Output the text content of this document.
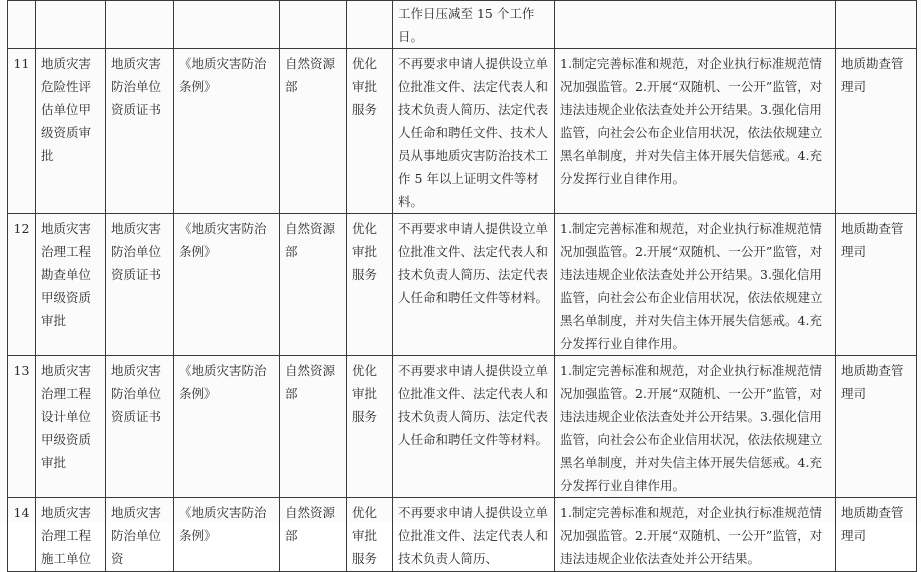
						工作日压减至 15 个工作日。		

11	地质灾害危险性评估单位甲级资质审批	地质灾害防治单位资质证书	《地质灾害防治条例》	自然资源部	优化审批服务	不再要求申请人提供设立单位批准文件、法定代表人和技术负责人简历、法定代表人任命和聘任文件、技术人员从事地质灾害防治技术工作 5 年以上证明文件等材料。	1.制定完善标准和规范，对企业执行标准规范情况加强监管。2.开展“双随机、一公开”监管，对违法违规企业依法查处并公开结果。3.强化信用监管，向社会公布企业信用状况，依法依规建立黑名单制度，并对失信主体开展失信惩戒。4.充分发挥行业自律作用。	地质勘查管理司

12	地质灾害治理工程勘查单位甲级资质审批	地质灾害防治单位资质证书	《地质灾害防治条例》	自然资源部	优化审批服务	不再要求申请人提供设立单位批准文件、法定代表人和技术负责人简历、法定代表人任命和聘任文件等材料。	1.制定完善标准和规范，对企业执行标准规范情况加强监管。2.开展“双随机、一公开”监管，对违法违规企业依法查处并公开结果。3.强化信用监管，向社会公布企业信用状况，依法依规建立黑名单制度，并对失信主体开展失信惩戒。4.充分发挥行业自律作用。	地质勘查管理司

13	地质灾害治理工程设计单位甲级资质审批	地质灾害防治单位资质证书	《地质灾害防治条例》	自然资源部	优化审批服务	不再要求申请人提供设立单位批准文件、法定代表人和技术负责人简历、法定代表人任命和聘任文件等材料。	1.制定完善标准和规范，对企业执行标准规范情况加强监管。2.开展“双随机、一公开”监管，对违法违规企业依法查处并公开结果。3.强化信用监管，向社会公布企业信用状况，依法依规建立黑名单制度，并对失信主体开展失信惩戒。4.充分发挥行业自律作用。	地质勘查管理司

14	地质灾害治理工程施工单位	地质灾害防治单位资	《地质灾害防治条例》	自然资源部	优化审批服务	不再要求申请人提供设立单位批准文件、法定代表人和技术负责人简历、	1.制定完善标准和规范，对企业执行标准规范情况加强监管。2.开展“双随机、一公开”监管，对违法违规企业依法查处并公开结果。	地质勘查管理司
